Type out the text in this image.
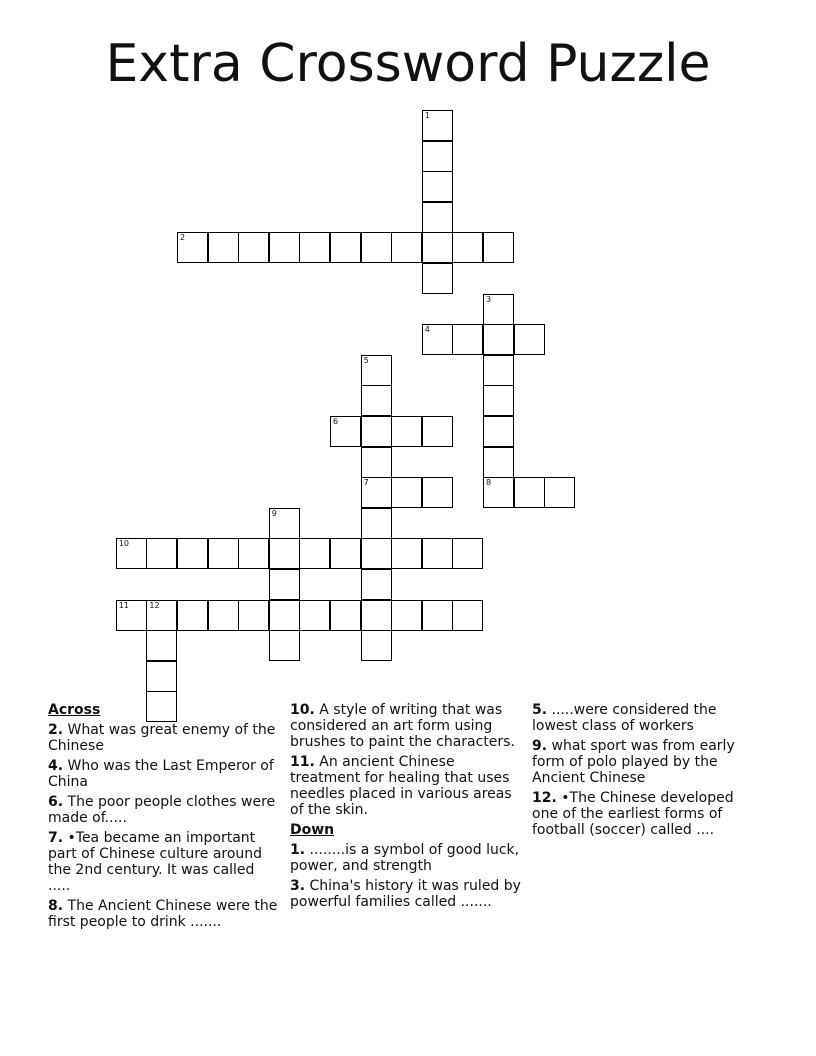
Extra Crossword Puzzle
1
2
3
8
4
5
7
6
9
10
11	12
Across
2. What was great enemy of the Chinese
4. Who was the Last Emperor of China
6. The poor people clothes were made of.....
7. •Tea became an important part of Chinese culture around the 2nd century. It was called .....
8. The Ancient Chinese were the first people to drink .......
10. A style of writing that was considered an art form using brushes to paint the characters.
11. An ancient Chinese treatment for healing that uses needles placed in various areas of the skin.
Down
1. ........is a symbol of good luck, power, and strength
3. China's history it was ruled by powerful families called .......
5. .....were considered the lowest class of workers
9. what sport was from early form of polo played by the Ancient Chinese
12. •The Chinese developed one of the earliest forms of football (soccer) called ....
